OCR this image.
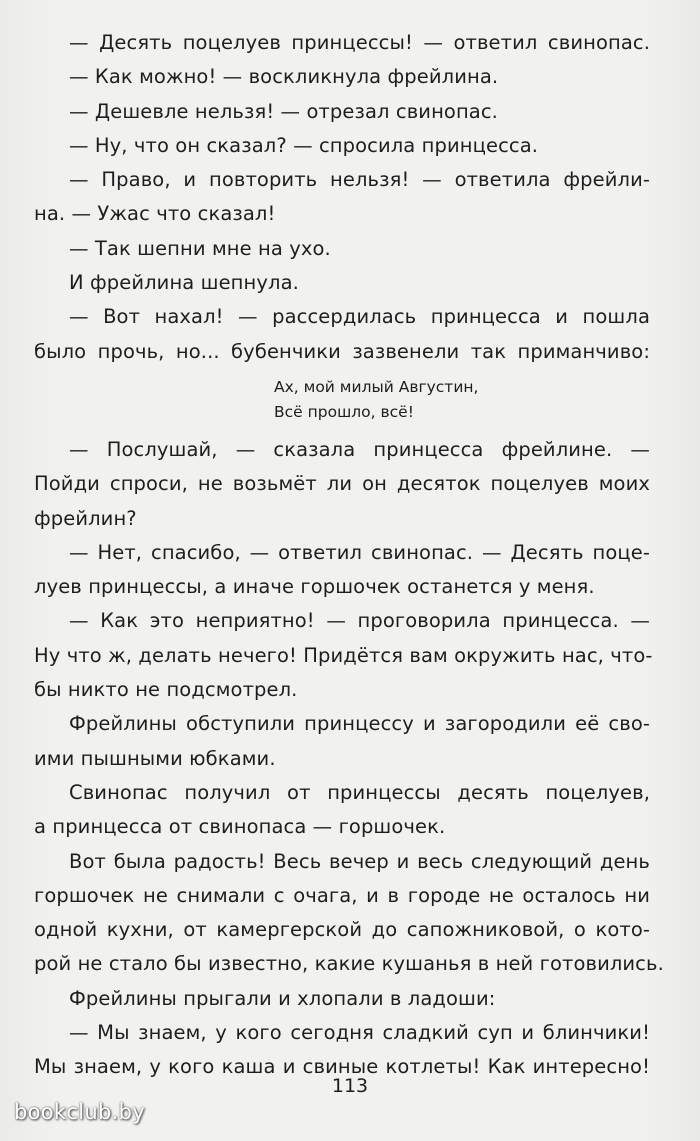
— Десять поцелуев принцессы! — ответил свинопас.
— Как можно! — воскликнула фрейлина.
— Дешевле нельзя! — отрезал свинопас.
— Ну, что он сказал? — спросила принцесса.
— Право, и повторить нельзя! — ответила фрейли-
на. — Ужас что сказал!
— Так шепни мне на ухо.
И фрейлина шепнула.
— Вот нахал! — рассердилась принцесса и пошла
было прочь, но... бубенчики зазвенели так приманчиво:
Ах, мой милый Августин,
Всё прошло, всё!
— Послушай, — сказала принцесса фрейлине. —
Пойди спроси, не возьмёт ли он десяток поцелуев моих
фрейлин?
— Нет, спасибо, — ответил свинопас. — Десять поце-
луев принцессы, а иначе горшочек останется у меня.
— Как это неприятно! — проговорила принцесса. —
Ну что ж, делать нечего! Придётся вам окружить нас, что-
бы никто не подсмотрел.
Фрейлины обступили принцессу и загородили её сво-
ими пышными юбками.
Свинопас получил от принцессы десять поцелуев,
а принцесса от свинопаса — горшочек.
Вот была радость! Весь вечер и весь следующий день
горшочек не снимали с очага, и в городе не осталось ни
одной кухни, от камергерской до сапожниковой, о кото-
рой не стало бы известно, какие кушанья в ней готовились.
Фрейлины прыгали и хлопали в ладоши:
— Мы знаем, у кого сегодня сладкий суп и блинчики!
Мы знаем, у кого каша и свиные котлеты! Как интересно!
113
bookclub.by
